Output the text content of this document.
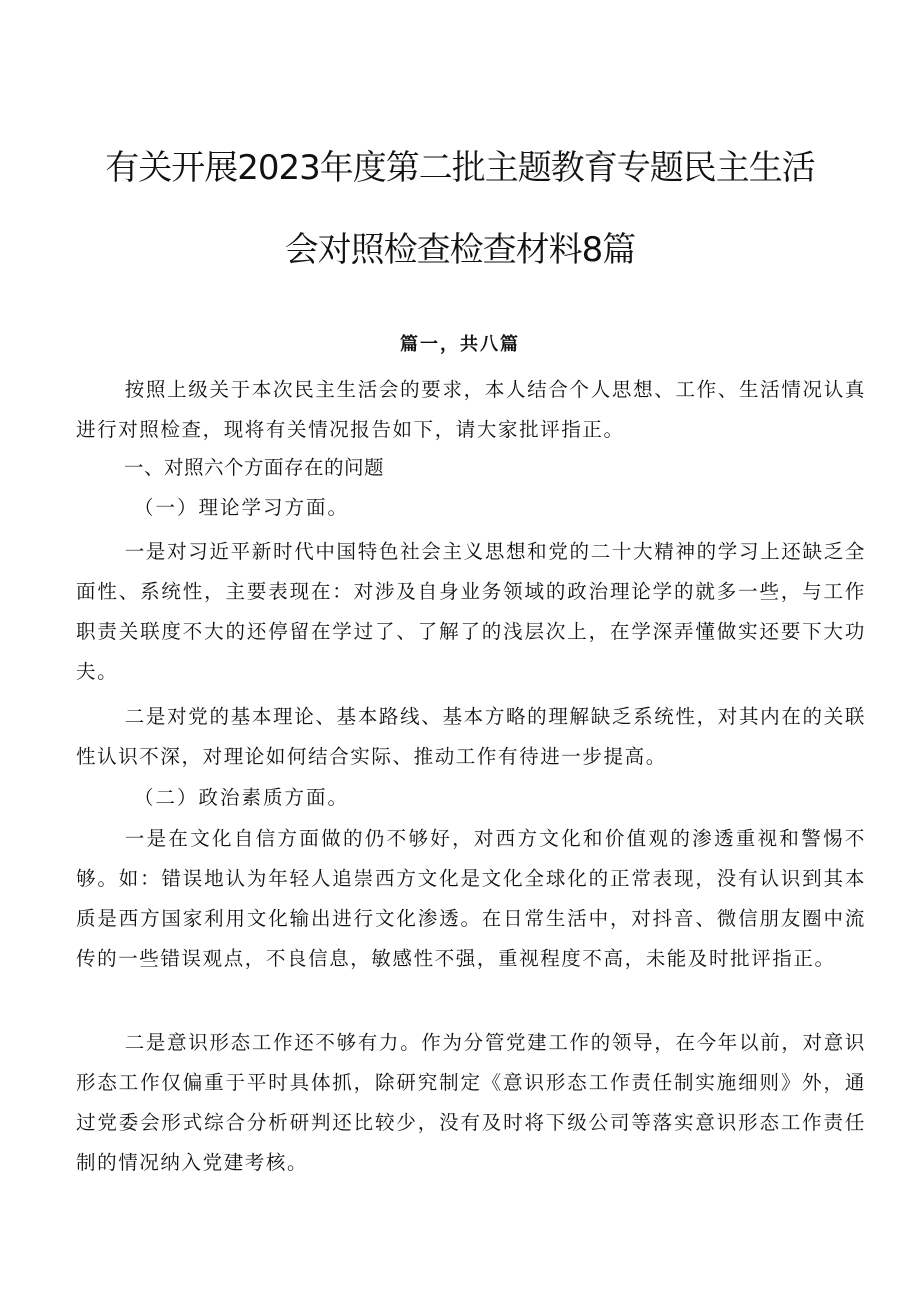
有关开展2023年度第二批主题教育专题民主生活
会对照检查检查材料8篇
篇一，共八篇
按照上级关于本次民主生活会的要求，本人结合个人思想、工作、生活情况认真进行对照检查，现将有关情况报告如下，请大家批评指正。
一、对照六个方面存在的问题
（一）理论学习方面。
一是对习近平新时代中国特色社会主义思想和党的二十大精神的学习上还缺乏全面性、系统性，主要表现在：对涉及自身业务领域的政治理论学的就多一些，与工作职责关联度不大的还停留在学过了、了解了的浅层次上，在学深弄懂做实还要下大功夫。
二是对党的基本理论、基本路线、基本方略的理解缺乏系统性，对其内在的关联性认识不深，对理论如何结合实际、推动工作有待进一步提高。
（二）政治素质方面。
一是在文化自信方面做的仍不够好，对西方文化和价值观的渗透重视和警惕不够。如：错误地认为年轻人追崇西方文化是文化全球化的正常表现，没有认识到其本质是西方国家利用文化输出进行文化渗透。在日常生活中，对抖音、微信朋友圈中流传的一些错误观点，不良信息，敏感性不强，重视程度不高，未能及时批评指正。
二是意识形态工作还不够有力。作为分管党建工作的领导，在今年以前，对意识形态工作仅偏重于平时具体抓，除研究制定《意识形态工作责任制实施细则》外，通过党委会形式综合分析研判还比较少，没有及时将下级公司等落实意识形态工作责任制的情况纳入党建考核。
